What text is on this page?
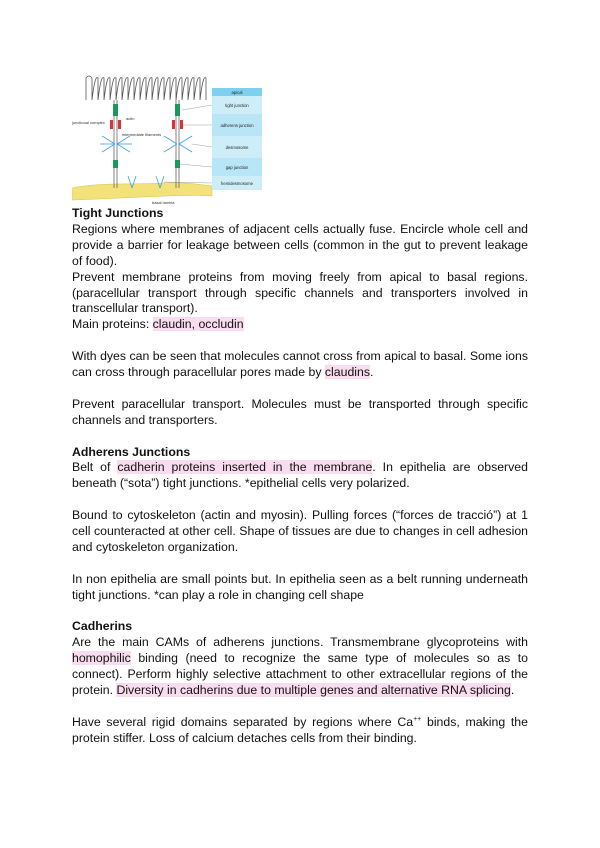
apical
tight junction
adherens junction
desmosome
gap junction
hemidesmosome
junctional complex
actin
intermediate filaments
basal lamina
Tight Junctions

Regions where membranes of adjacent cells actually fuse. Encircle whole cell and provide a barrier for leakage between cells (common in the gut to prevent leakage of food).

Prevent membrane proteins from moving freely from apical to basal regions. (paracellular transport through specific channels and transporters involved in transcellular transport).

Main proteins: claudin, occludin

With dyes can be seen that molecules cannot cross from apical to basal. Some ions can cross through paracellular pores made by claudins.

Prevent paracellular transport. Molecules must be transported through specific channels and transporters.

Adherens Junctions

Belt of cadherin proteins inserted in the membrane. In epithelia are observed beneath (“sota”) tight junctions. *epithelial cells very polarized.

Bound to cytoskeleton (actin and myosin). Pulling forces (“forces de tracció”) at 1 cell counteracted at other cell. Shape of tissues are due to changes in cell adhesion and cytoskeleton organization.

In non epithelia are small points but. In epithelia seen as a belt running underneath tight junctions. *can play a role in changing cell shape

Cadherins

Are the main CAMs of adherens junctions. Transmembrane glycoproteins with homophilic binding (need to recognize the same type of molecules so as to connect). Perform highly selective attachment to other extracellular regions of the protein. Diversity in cadherins due to multiple genes and alternative RNA splicing.

Have several rigid domains separated by regions where Ca++ binds, making the protein stiffer. Loss of calcium detaches cells from their binding.
